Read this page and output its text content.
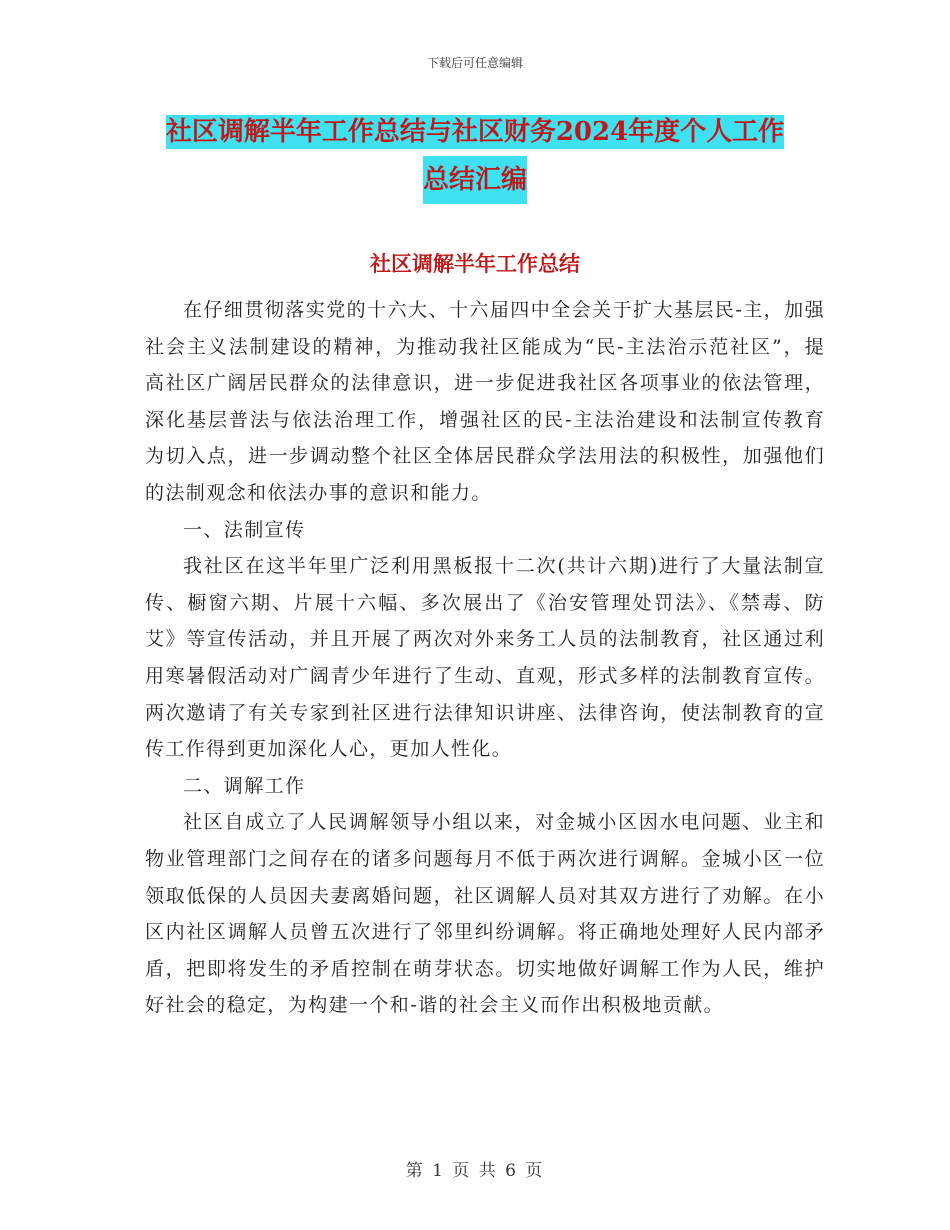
下载后可任意编辑
社区调解半年工作总结与社区财务2024年度个人工作
总结汇编
社区调解半年工作总结

在仔细贯彻落实党的十六大、十六届四中全会关于扩大基层民-主，加强社会主义法制建设的精神，为推动我社区能成为“民-主法治示范社区”，提高社区广阔居民群众的法律意识，进一步促进我社区各项事业的依法管理，深化基层普法与依法治理工作，增强社区的民-主法治建设和法制宣传教育为切入点，进一步调动整个社区全体居民群众学法用法的积极性，加强他们的法制观念和依法办事的意识和能力。

一、法制宣传

我社区在这半年里广泛利用黑板报十二次(共计六期)进行了大量法制宣传、橱窗六期、片展十六幅、多次展出了《治安管理处罚法》、《禁毒、防艾》等宣传活动，并且开展了两次对外来务工人员的法制教育，社区通过利用寒暑假活动对广阔青少年进行了生动、直观，形式多样的法制教育宣传。两次邀请了有关专家到社区进行法律知识讲座、法律咨询，使法制教育的宣传工作得到更加深化人心，更加人性化。

二、调解工作

社区自成立了人民调解领导小组以来，对金城小区因水电问题、业主和物业管理部门之间存在的诸多问题每月不低于两次进行调解。金城小区一位领取低保的人员因夫妻离婚问题，社区调解人员对其双方进行了劝解。在小区内社区调解人员曾五次进行了邻里纠纷调解。将正确地处理好人民内部矛盾，把即将发生的矛盾控制在萌芽状态。切实地做好调解工作为人民，维护好社会的稳定，为构建一个和-谐的社会主义而作出积极地贡献。

第 1 页 共 6 页
